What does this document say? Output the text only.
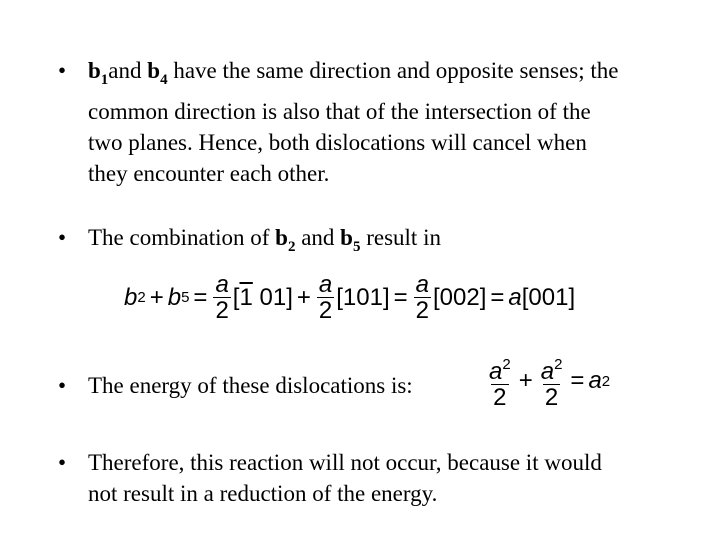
• $b_1and$ $b_4$ have the same direction and opposite senses; the
common direction is also that of the intersection of the
two planes. Hence, both dislocations will cancel when
they encounter each other.
• The combination of $b_2$ and $b_5$ result in
b 2 + b $5 = \frac{a}{2} [1$ $01] + \frac{a}{2} [101] = \frac{a}{2} [002] = a$ [001]
• The energy of these dislocations is:	$\frac{a^2}{2} + \frac{a^2}{2} = a$ 2
• Therefore, this reaction will not occur, because it would
not result in a reduction of the energy.
